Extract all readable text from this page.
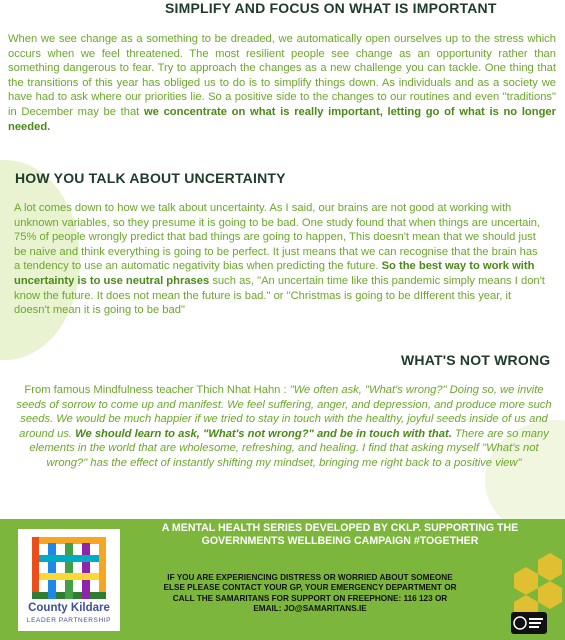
SIMPLIFY AND FOCUS ON WHAT IS IMPORTANT

When we see change as a something to be dreaded, we automatically open ourselves up to the stress which occurs when we feel threatened. The most resilient people see change as an opportunity rather than something dangerous to fear. Try to approach the changes as a new challenge you can tackle. One thing that the transitions of this year has obliged us to do is to simplify things down. As individuals and as a society we have had to ask where our priorities lie. So a positive side to the changes to our routines and even "traditions" in December may be that we concentrate on what is really important, letting go of what is no longer needed.

HOW YOU TALK ABOUT UNCERTAINTY

A lot comes down to how we talk about uncertainty. As I said, our brains are not good at working with unknown variables, so they presume it is going to be bad. One study found that when things are uncertain, 75% of people wrongly predict that bad things are going to happen, This doesn't mean that we should just be naive and think everything is going to be perfect. It just means that we can recognise that the brain has a tendency to use an automatic negativity bias when predicting the future. So the best way to work with uncertainty is to use neutral phrases such as, "An uncertain time like this pandemic simply means I don't know the future. It does not mean the future is bad." or "Christmas is going to be dIfferent this year, it doesn't mean it is going to be bad"

WHAT'S NOT WRONG

From famous Mindfulness teacher Thich Nhat Hahn : "We often ask, "What's wrong?" Doing so, we invite seeds of sorrow to come up and manifest. We feel suffering, anger, and depression, and produce more such seeds. We would be much happier if we tried to stay in touch with the healthy, joyful seeds inside of us and around us. We should learn to ask, "What's not wrong?" and be in touch with that. There are so many elements in the world that are wholesome, refreshing, and healing. I find that asking myself "What's not wrong?" has the effect of instantly shifting my mindset, bringing me right back to a positive view"

County Kildare
LEADER PARTNERSHIP
A MENTAL HEALTH SERIES DEVELOPED BY CKLP. SUPPORTING THE GOVERNMENTS WELLBEING CAMPAIGN #TOGETHER
IF YOU ARE EXPERIENCING DISTRESS OR WORRIED ABOUT SOMEONE ELSE PLEASE CONTACT YOUR GP, YOUR EMERGENCY DEPARTMENT OR CALL THE SAMARITANS FOR SUPPORT ON FREEPHONE: 116 123 OR EMAIL: JO@SAMARITANS.IE
